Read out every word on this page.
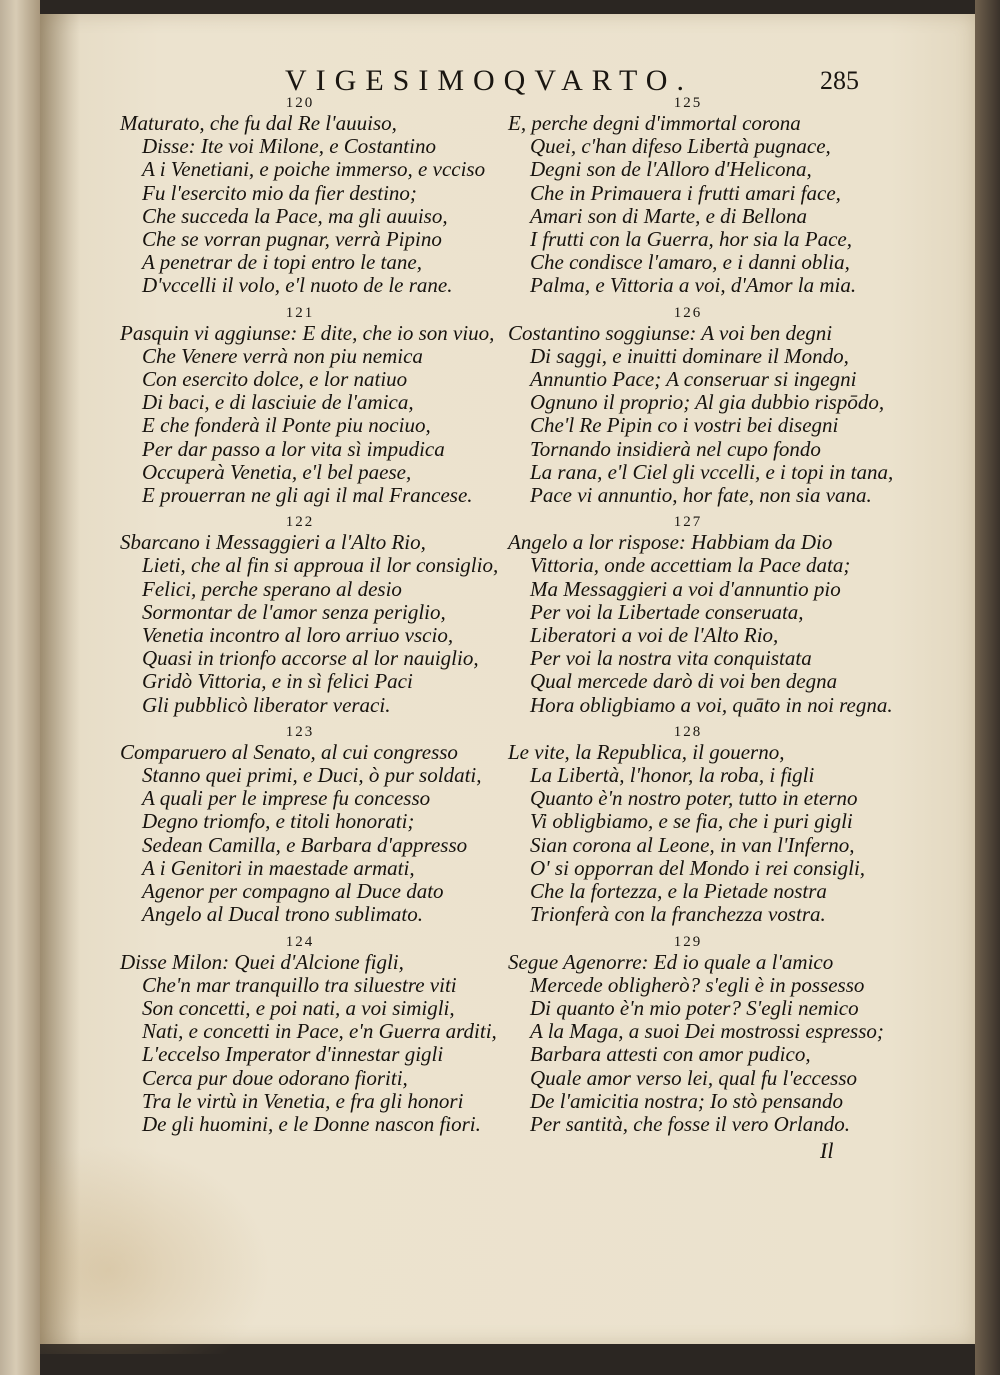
VIGESIMOQVARTO.	285
120
Maturato, che fu dal Re l'auuiso,
Disse: Ite voi Milone, e Costantino
A i Venetiani, e poiche immerso, e vcciso
Fu l'esercito mio da fier destino;
Che succeda la Pace, ma gli auuiso,
Che se vorran pugnar, verrà Pipino
A penetrar de i topi entro le tane,
D'vccelli il volo, e'l nuoto de le rane.
121
Pasquin vi aggiunse: E dite, che io son viuo,
Che Venere verrà non piu nemica
Con esercito dolce, e lor natiuo
Di baci, e di lasciuie de l'amica,
E che fonderà il Ponte piu nociuo,
Per dar passo a lor vita sì impudica
Occuperà Venetia, e'l bel paese,
E prouerran ne gli agi il mal Francese.
122
Sbarcano i Messaggieri a l'Alto Rio,
Lieti, che al fin si approua il lor consiglio,
Felici, perche sperano al desio
Sormontar de l'amor senza periglio,
Venetia incontro al loro arriuo vscio,
Quasi in trionfo accorse al lor nauiglio,
Gridò Vittoria, e in sì felici Paci
Gli pubblicò liberator veraci.
123
Comparuero al Senato, al cui congresso
Stanno quei primi, e Duci, ò pur soldati,
A quali per le imprese fu concesso
Degno triomfo, e titoli honorati;
Sedean Camilla, e Barbara d'appresso
A i Genitori in maestade armati,
Agenor per compagno al Duce dato
Angelo al Ducal trono sublimato.
124
Disse Milon: Quei d'Alcione figli,
Che'n mar tranquillo tra siluestre viti
Son concetti, e poi nati, a voi simigli,
Nati, e concetti in Pace, e'n Guerra arditi,
L'eccelso Imperator d'innestar gigli
Cerca pur doue odorano fioriti,
Tra le virtù in Venetia, e fra gli honori
De gli huomini, e le Donne nascon fiori.
125
E, perche degni d'immortal corona
Quei, c'han difeso Libertà pugnace,
Degni son de l'Alloro d'Helicona,
Che in Primauera i frutti amari face,
Amari son di Marte, e di Bellona
I frutti con la Guerra, hor sia la Pace,
Che condisce l'amaro, e i danni oblia,
Palma, e Vittoria a voi, d'Amor la mia.
126
Costantino soggiunse: A voi ben degni
Di saggi, e inuitti dominare il Mondo,
Annuntio Pace; A conseruar si ingegni
Ognuno il proprio; Al gia dubbio rispōdo,
Che'l Re Pipin co i vostri bei disegni
Tornando insidierà nel cupo fondo
La rana, e'l Ciel gli vccelli, e i topi in tana,
Pace vi annuntio, hor fate, non sia vana.
127
Angelo a lor rispose: Habbiam da Dio
Vittoria, onde accettiam la Pace data;
Ma Messaggieri a voi d'annuntio pio
Per voi la Libertade conseruata,
Liberatori a voi de l'Alto Rio,
Per voi la nostra vita conquistata
Qual mercede darò di voi ben degna
Hora obligbiamo a voi, quāto in noi regna.
128
Le vite, la Republica, il gouerno,
La Libertà, l'honor, la roba, i figli
Quanto è'n nostro poter, tutto in eterno
Vi obligbiamo, e se fia, che i puri gigli
Sian corona al Leone, in van l'Inferno,
O' si opporran del Mondo i rei consigli,
Che la fortezza, e la Pietade nostra
Trionferà con la franchezza vostra.
129
Segue Agenorre: Ed io quale a l'amico
Mercede obligherò? s'egli è in possesso
Di quanto è'n mio poter? S'egli nemico
A la Maga, a suoi Dei mostrossi espresso;
Barbara attesti con amor pudico,
Quale amor verso lei, qual fu l'eccesso
De l'amicitia nostra; Io stò pensando
Per santità, che fosse il vero Orlando.
Il
